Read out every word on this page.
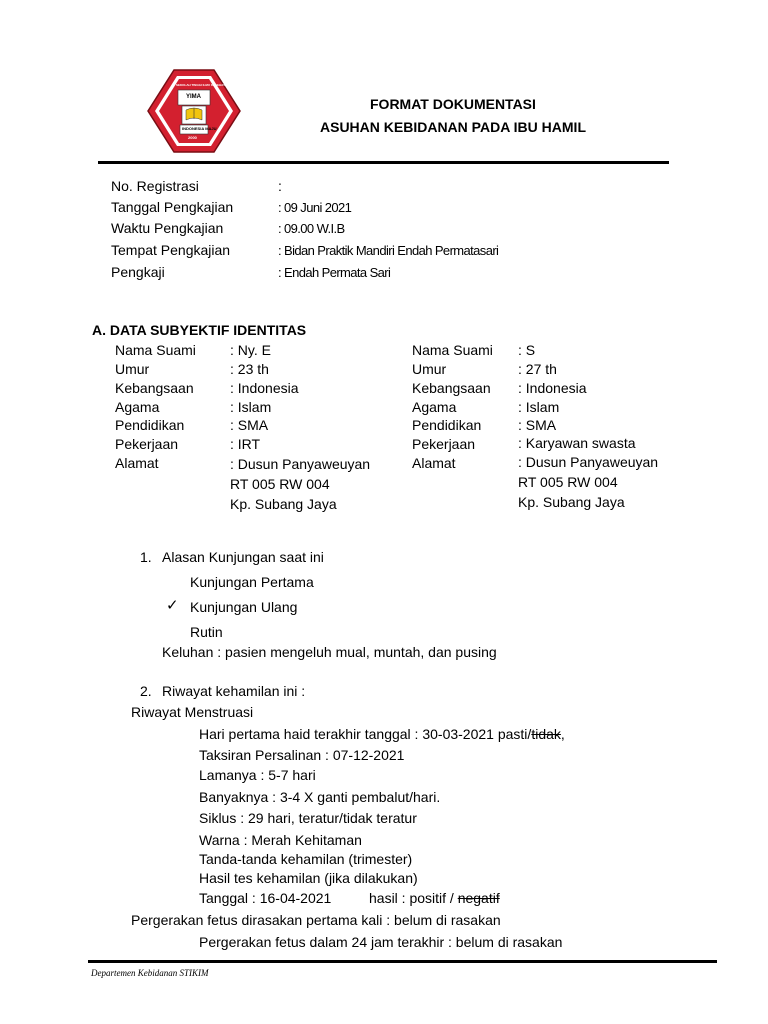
SEKOLAH TINGGI ILMU KESEHATAN
YIMA
INDONESIA MAJU
2000
FORMAT DOKUMENTASI
ASUHAN KEBIDANAN PADA IBU HAMIL
No. Registrasi	:
Tanggal Pengkajian	: 09 Juni 2021
Waktu Pengkajian	: 09.00 W.I.B
Tempat Pengkajian	: Bidan Praktik Mandiri Endah Permatasari
Pengkaji	: Endah Permata Sari
A. DATA SUBYEKTIF IDENTITAS
Nama Suami : Ny. E
Umur	: 23 th
Kebangsaan	: Indonesia
Agama	: Islam
Pendidikan	: SMA
Pekerjaan	: IRT
Alamat	: Dusun Panyaweuyan
RT 005 RW 004
Kp. Subang Jaya
Nama Suami : S
Umur	: 27 th
Kebangsaan : Indonesia
Agama	: Islam
Pendidikan	: SMA
Pekerjaan	: Karyawan swasta
Alamat	: Dusun Panyaweuyan
RT 005 RW 004
Kp. Subang Jaya
1. Alasan Kunjungan saat ini
Kunjungan Pertama
✓ Kunjungan Ulang
Rutin
Keluhan : pasien mengeluh mual, muntah, dan pusing
2. Riwayat kehamilan ini :
Riwayat Menstruasi
Hari pertama haid terakhir tanggal : 30-03-2021 pasti/tidak,
Taksiran Persalinan : 07-12-2021
Lamanya : 5-7 hari
Banyaknya : 3-4 X ganti pembalut/hari.
Siklus : 29 hari, teratur/tidak teratur
Warna : Merah Kehitaman
Tanda-tanda kehamilan (trimester)
Hasil tes kehamilan (jika dilakukan)
Tanggal : 16-04-2021	hasil : positif / negatif
Pergerakan fetus dirasakan pertama kali : belum di rasakan
Pergerakan fetus dalam 24 jam terakhir : belum di rasakan
Departemen Kebidanan STIKIM
